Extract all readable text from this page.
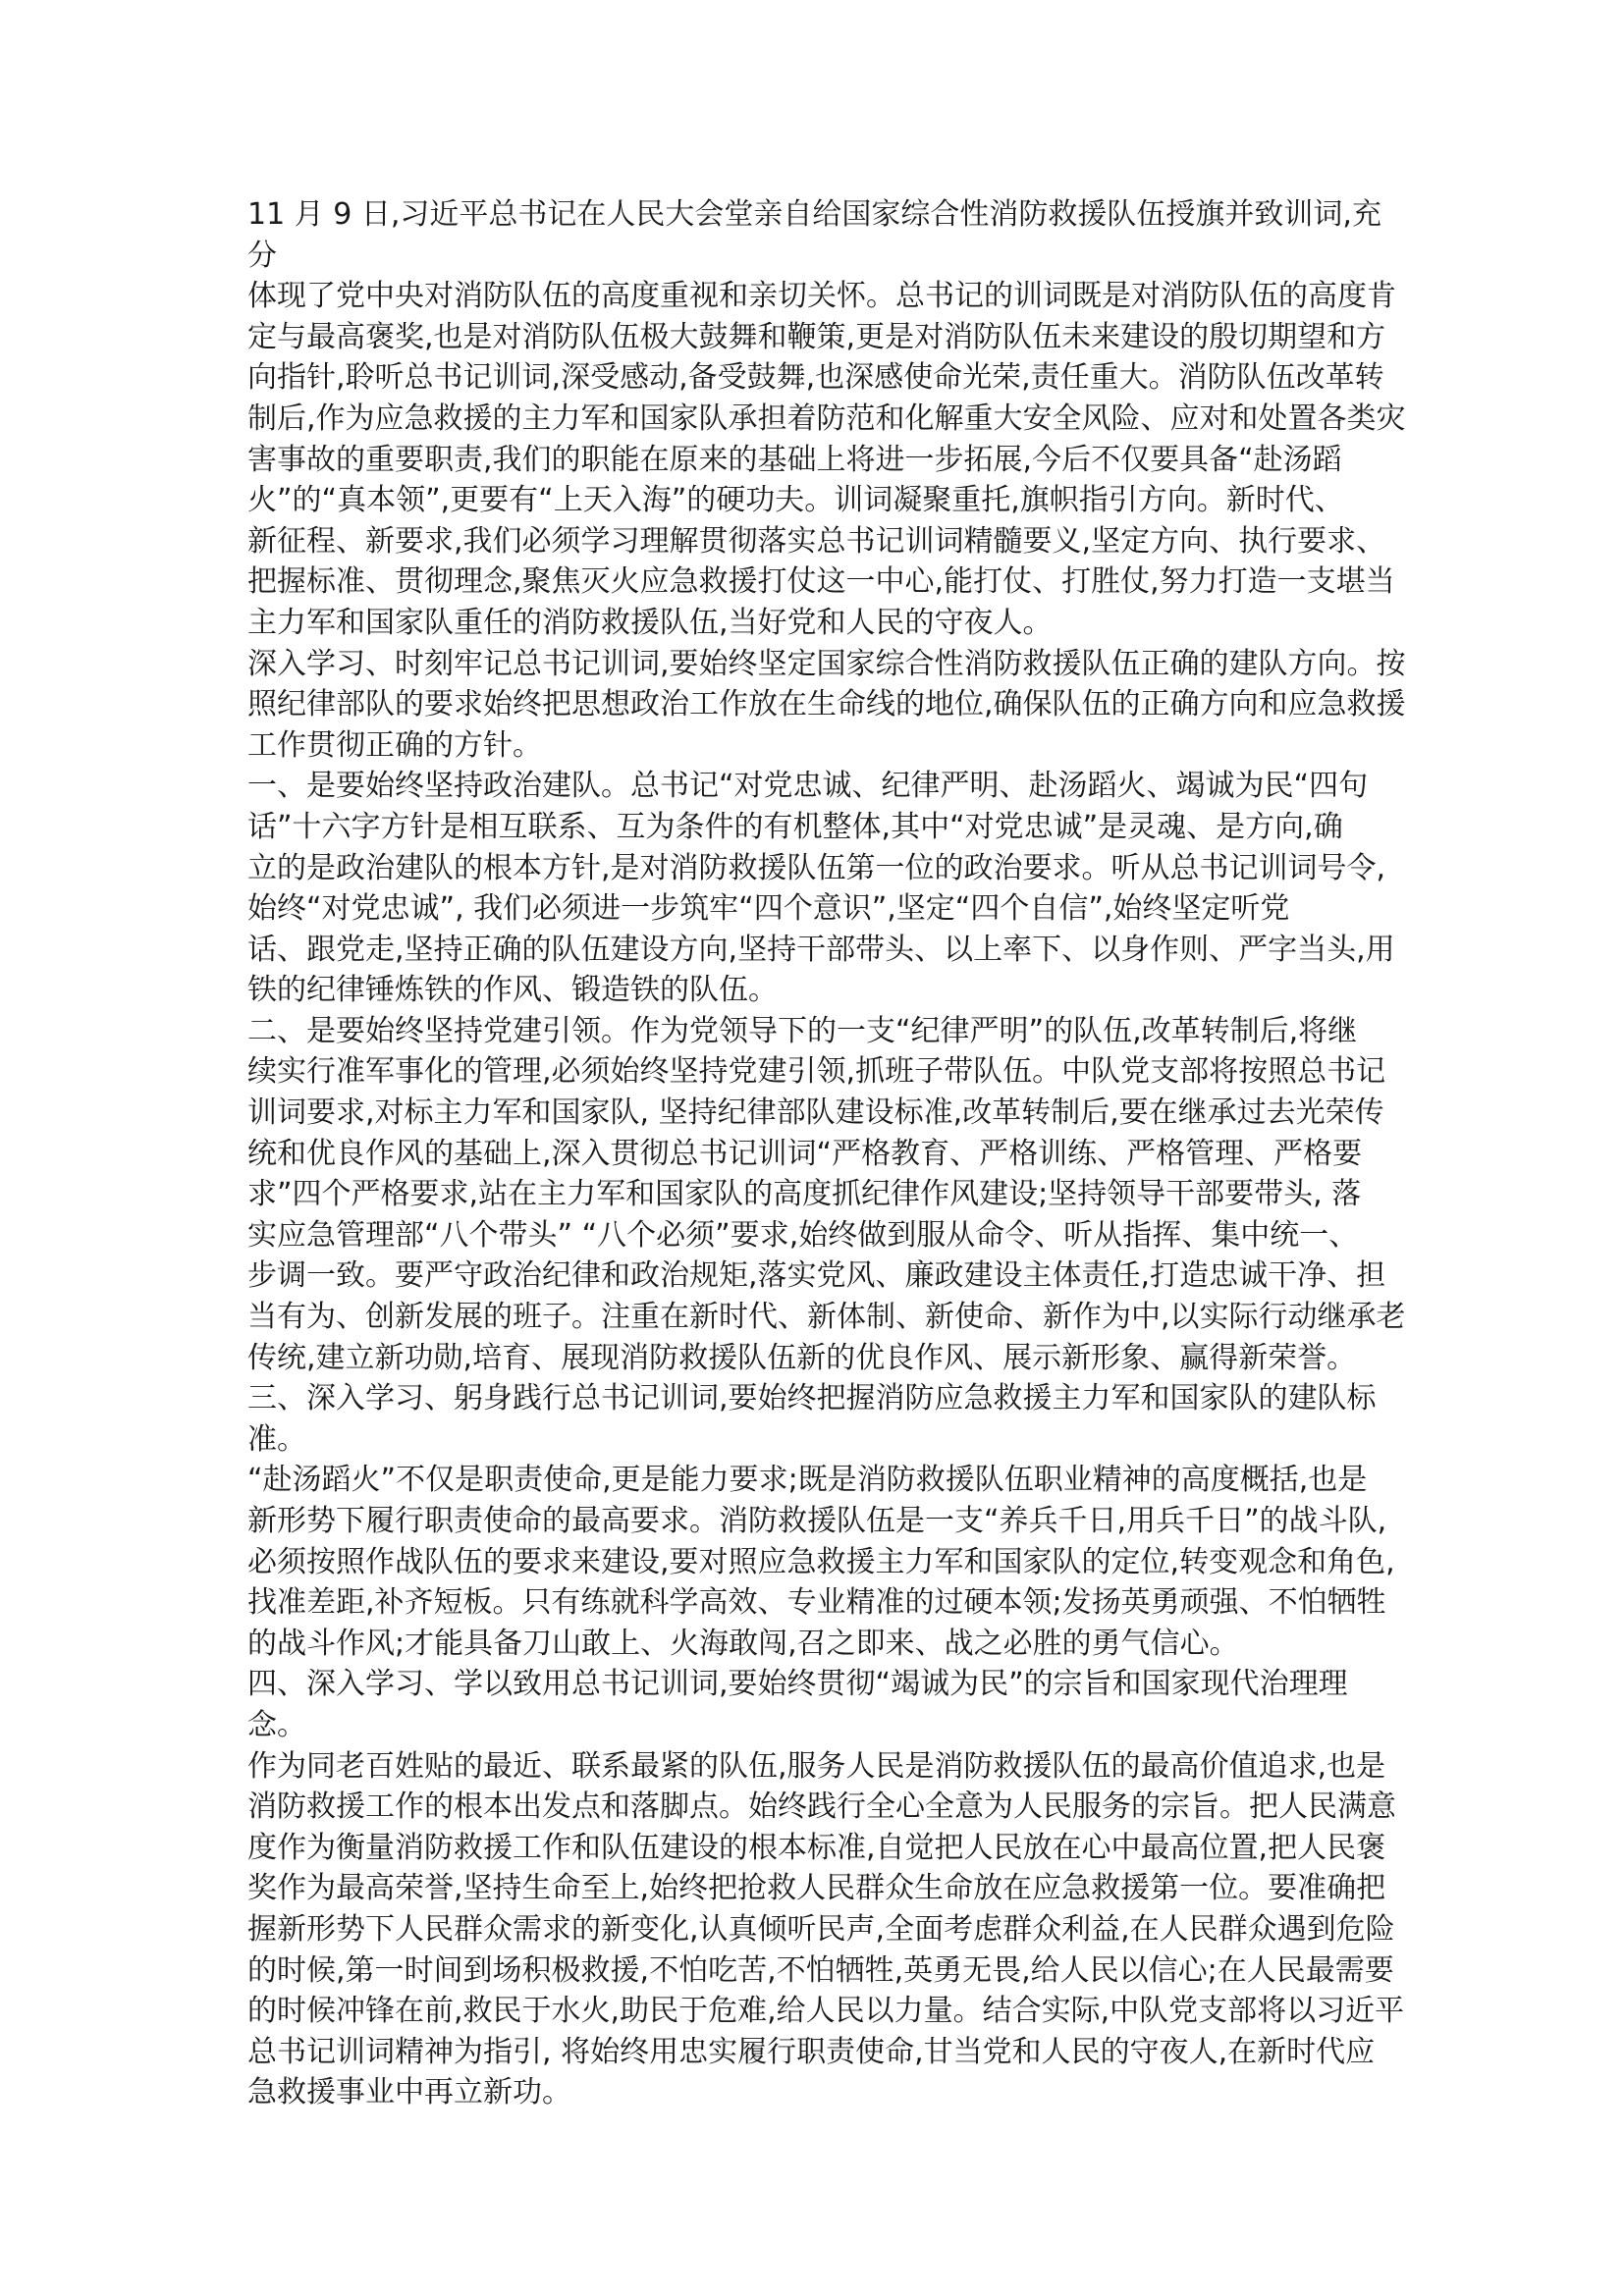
11 月 9 日,习近平总书记在人民大会堂亲自给国家综合性消防救援队伍授旗并致训词,充分
体现了党中央对消防队伍的高度重视和亲切关怀。总书记的训词既是对消防队伍的高度肯
定与最高褒奖,也是对消防队伍极大鼓舞和鞭策,更是对消防队伍未来建设的殷切期望和方
向指针,聆听总书记训词,深受感动,备受鼓舞,也深感使命光荣,责任重大。消防队伍改革转
制后,作为应急救援的主力军和国家队承担着防范和化解重大安全风险、应对和处置各类灾
害事故的重要职责,我们的职能在原来的基础上将进一步拓展,今后不仅要具备“赴汤蹈
火”的“真本领”,更要有“上天入海”的硬功夫。训词凝聚重托,旗帜指引方向。新时代、
新征程、新要求,我们必须学习理解贯彻落实总书记训词精髓要义,坚定方向、执行要求、
把握标准、贯彻理念,聚焦灭火应急救援打仗这一中心,能打仗、打胜仗,努力打造一支堪当
主力军和国家队重任的消防救援队伍,当好党和人民的守夜人。

深入学习、时刻牢记总书记训词,要始终坚定国家综合性消防救援队伍正确的建队方向。按
照纪律部队的要求始终把思想政治工作放在生命线的地位,确保队伍的正确方向和应急救援
工作贯彻正确的方针。

一、是要始终坚持政治建队。总书记“对党忠诚、纪律严明、赴汤蹈火、竭诚为民“四句
话”十六字方针是相互联系、互为条件的有机整体,其中“对党忠诚”是灵魂、是方向,确
立的是政治建队的根本方针,是对消防救援队伍第一位的政治要求。听从总书记训词号令,
始终“对党忠诚”, 我们必须进一步筑牢“四个意识”,坚定“四个自信”,始终坚定听党
话、跟党走,坚持正确的队伍建设方向,坚持干部带头、以上率下、以身作则、严字当头,用
铁的纪律锤炼铁的作风、锻造铁的队伍。

二、是要始终坚持党建引领。作为党领导下的一支“纪律严明”的队伍,改革转制后,将继
续实行准军事化的管理,必须始终坚持党建引领,抓班子带队伍。中队党支部将按照总书记
训词要求,对标主力军和国家队, 坚持纪律部队建设标准,改革转制后,要在继承过去光荣传
统和优良作风的基础上,深入贯彻总书记训词“严格教育、严格训练、严格管理、严格要
求”四个严格要求,站在主力军和国家队的高度抓纪律作风建设;坚持领导干部要带头, 落
实应急管理部“八个带头” “八个必须”要求,始终做到服从命令、听从指挥、集中统一、
步调一致。要严守政治纪律和政治规矩,落实党风、廉政建设主体责任,打造忠诚干净、担
当有为、创新发展的班子。注重在新时代、新体制、新使命、新作为中,以实际行动继承老
传统,建立新功勋,培育、展现消防救援队伍新的优良作风、展示新形象、赢得新荣誉。

三、深入学习、躬身践行总书记训词,要始终把握消防应急救援主力军和国家队的建队标准。
“赴汤蹈火”不仅是职责使命,更是能力要求;既是消防救援队伍职业精神的高度概括,也是
新形势下履行职责使命的最高要求。消防救援队伍是一支“养兵千日,用兵千日”的战斗队,
必须按照作战队伍的要求来建设,要对照应急救援主力军和国家队的定位,转变观念和角色,
找准差距,补齐短板。只有练就科学高效、专业精准的过硬本领;发扬英勇顽强、不怕牺牲
的战斗作风;才能具备刀山敢上、火海敢闯,召之即来、战之必胜的勇气信心。

四、深入学习、学以致用总书记训词,要始终贯彻“竭诚为民”的宗旨和国家现代治理理念。
作为同老百姓贴的最近、联系最紧的队伍,服务人民是消防救援队伍的最高价值追求,也是
消防救援工作的根本出发点和落脚点。始终践行全心全意为人民服务的宗旨。把人民满意
度作为衡量消防救援工作和队伍建设的根本标准,自觉把人民放在心中最高位置,把人民褒
奖作为最高荣誉,坚持生命至上,始终把抢救人民群众生命放在应急救援第一位。要准确把
握新形势下人民群众需求的新变化,认真倾听民声,全面考虑群众利益,在人民群众遇到危险
的时候,第一时间到场积极救援,不怕吃苦,不怕牺牲,英勇无畏,给人民以信心;在人民最需要
的时候冲锋在前,救民于水火,助民于危难,给人民以力量。结合实际,中队党支部将以习近平
总书记训词精神为指引, 将始终用忠实履行职责使命,甘当党和人民的守夜人,在新时代应
急救援事业中再立新功。
